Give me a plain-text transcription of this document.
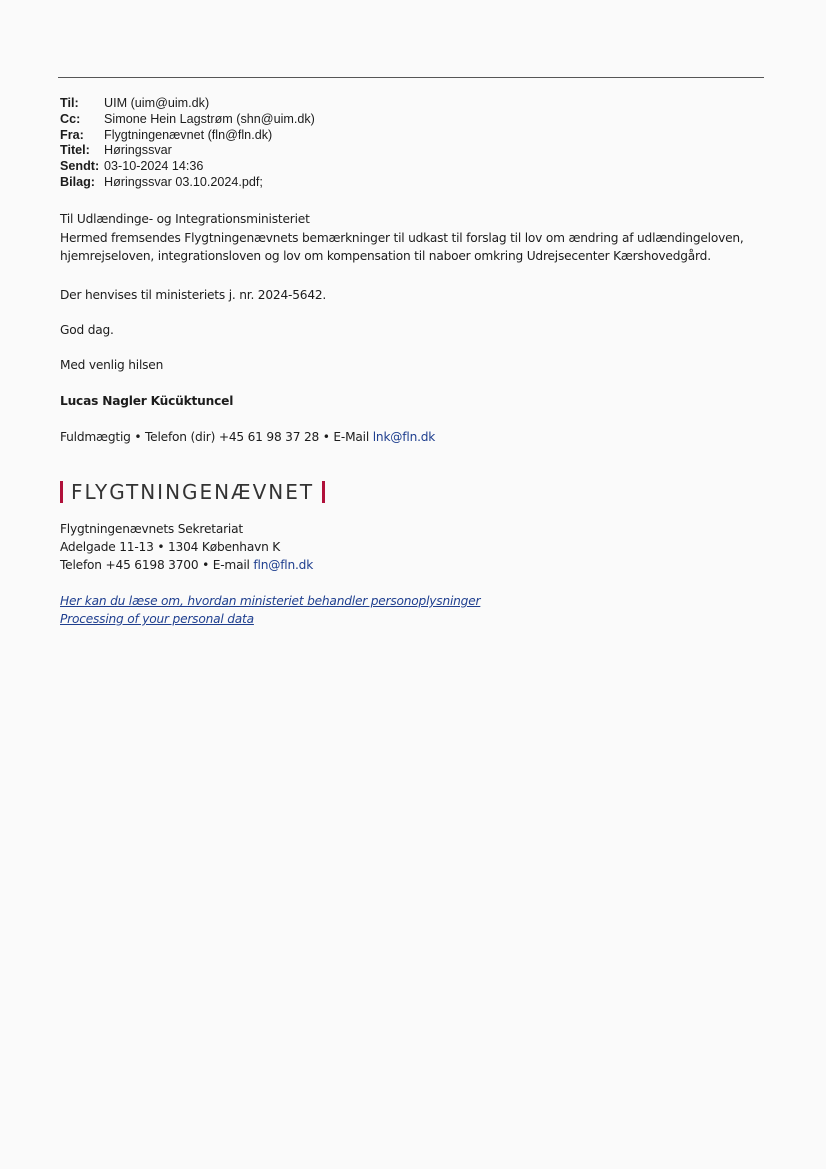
Til:	UIM (uim@uim.dk)
Cc:	Simone Hein Lagstrøm (shn@uim.dk)
Fra:	Flygtningenævnet (fln@fln.dk)
Titel:	Høringssvar
Sendt: 03-10-2024 14:36
Bilag: Høringssvar 03.10.2024.pdf;
Til Udlændinge- og Integrationsministeriet
Hermed fremsendes Flygtningenævnets bemærkninger til udkast til forslag til lov om ændring af udlændingeloven,
hjemrejseloven, integrationsloven og lov om kompensation til naboer omkring Udrejsecenter Kærshovedgård.
Der henvises til ministeriets j. nr. 2024-5642.
God dag.
Med venlig hilsen
Lucas Nagler Kücüktuncel
Fuldmægtig • Telefon (dir) +45 61 98 37 28 • E-Mail lnk@fln.dk
FLYGTNINGENÆVNET
Flygtningenævnets Sekretariat
Adelgade 11-13 • 1304 København K
Telefon +45 6198 3700 • E-mail fln@fln.dk
Her kan du læse om, hvordan ministeriet behandler personoplysninger
Processing of your personal data
